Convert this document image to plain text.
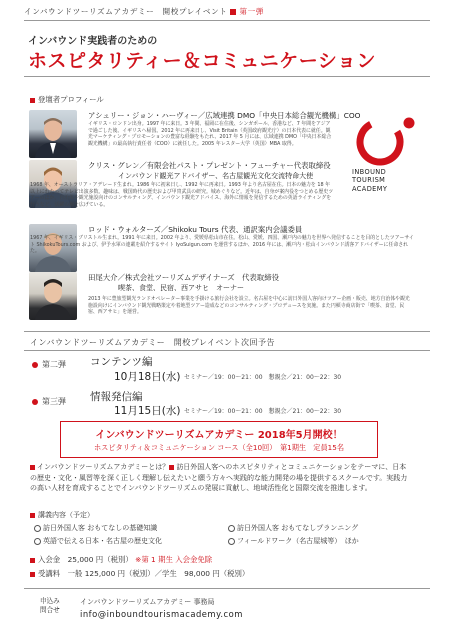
インバウンドツーリズムアカデミー　開校プレイベント 第一弾
インバウンド実践者のための
ホスピタリティー＆コミュニケーション
登壇者プロフィール
アシュリー・ジョン・ハーヴィー／広域連携 DMO「中央日本総合観光機構」COO
イギリス・ロンドン出身。1997 年に来日。3 年間、福岡に在住後、シンガポール、香港など、7 年間をアジアで過ごした後、イギリスへ帰国。2012 年に再来日し、Visit Britain（英国政府観光庁）の日本代表に就任。観光マーケティング・プロモーションの豊富な経験をもたれ、2017 年 5 月には、広域連携 DMO「中央日本総合観光機構」の最高執行責任者（COO）に就任した。2005 年レスター大学（英国）MBA 取得。
クリス・グレン／有限会社パスト・プレゼント・フューチャー代表取締役
インバウンド観光アドバイザー、名古屋観光文化交流特命大使
1968 年、オーストラリア・アデレード生まれ。1986 年に初来日し、1992 年に再来日。1993 年より名古屋在住。日本の魅力を 18 年以上にわたってテレビ出演多数。趣味は、戦国時代の歴史および甲冑武具の研究。城めぐりなど。近年は、自身が案内役をつとめる歴史ツアーのほか、自治体や観光施設向けのコンサルティング、インバウンド観光アドバイス、海外に情報を発信するための英語ライティングを行うなど、活躍の場を広げている。
INBOUND
TOURISM
ACADEMY
ロッド・ウォルターズ／Shikoku Tours 代表、通訳案内会議委員
1967 年、イギリス・ブリストル生まれ。1991 年に来日。2002 年より、愛媛県松山市在住。松山、愛媛、四国、瀬戸内の魅力を世界へ発信することを目的としたツアーサイト ShikokuTours.com および、伊予水軍の連載を紹介するサイト IyoSuigun.com を運営するほか、2016 年には、瀬戸内・松山インバウンド誘客アドバイザーに任命された。
田尾大介／株式会社ツーリズムデザイナーズ　代表取締役
喫茶、食堂、民宿、西アサヒ　オーナー
2013 年に豊旅型観光ランドオペレーター事業を手掛ける旅行会社を設立。名古屋を中心に訪日外国人客向けツアー企画・販売、地方自治体や観光施設向けにインバウンド観光戦略策定や着地型ツアー造成などのコンサルティング・プロデュースを実施。また円頓寺商店街で「喫茶、食堂、民宿、西アサヒ」を運営。
インバウンドツーリズムアカデミー　開校プレイベント次回予告
第二弾 コンテンツ編
10月18日(水) セミナー／19：00～21：00　懇親会／21：00～22：30
第三弾 情報発信編
11月15日(水) セミナー／19：00～21：00　懇親会／21：00～22：30
インバウンドツーリズムアカデミー 2018年5月開校！
ホスピタリティ＆コミュニケーション コース（全10回）　第1期生　定員15名
インバウンドツーリズムアカデミーとは？ 訪日外国人客へのホスピタリティとコミュニケーションをテーマに、日本の歴史・文化・風習等を深く正しく理解し伝えたいと願う方々へ実践的な能力開発の場を提供するスクールです。実践力の高い人材を育成することでインバウンドツーリズムの発展に貢献し、地域活性化と国際交流を推進します。
講義内容（予定）
訪日外国人客 おもてなしの基礎知識	訪日外国人客 おもてなしプランニング
英語で伝える日本・名古屋の歴史文化	フィールドワーク（名古屋城等）　ほか
入会金　 25,000 円（税別） ※第 1 期生 入会金免除
受講料　 一般 125,000 円（税別）／学生　98,000 円（税別）
申込み
問合せ
インバウンドツーリズムアカデミー 事務局
info@inboundtourismacademy.com
